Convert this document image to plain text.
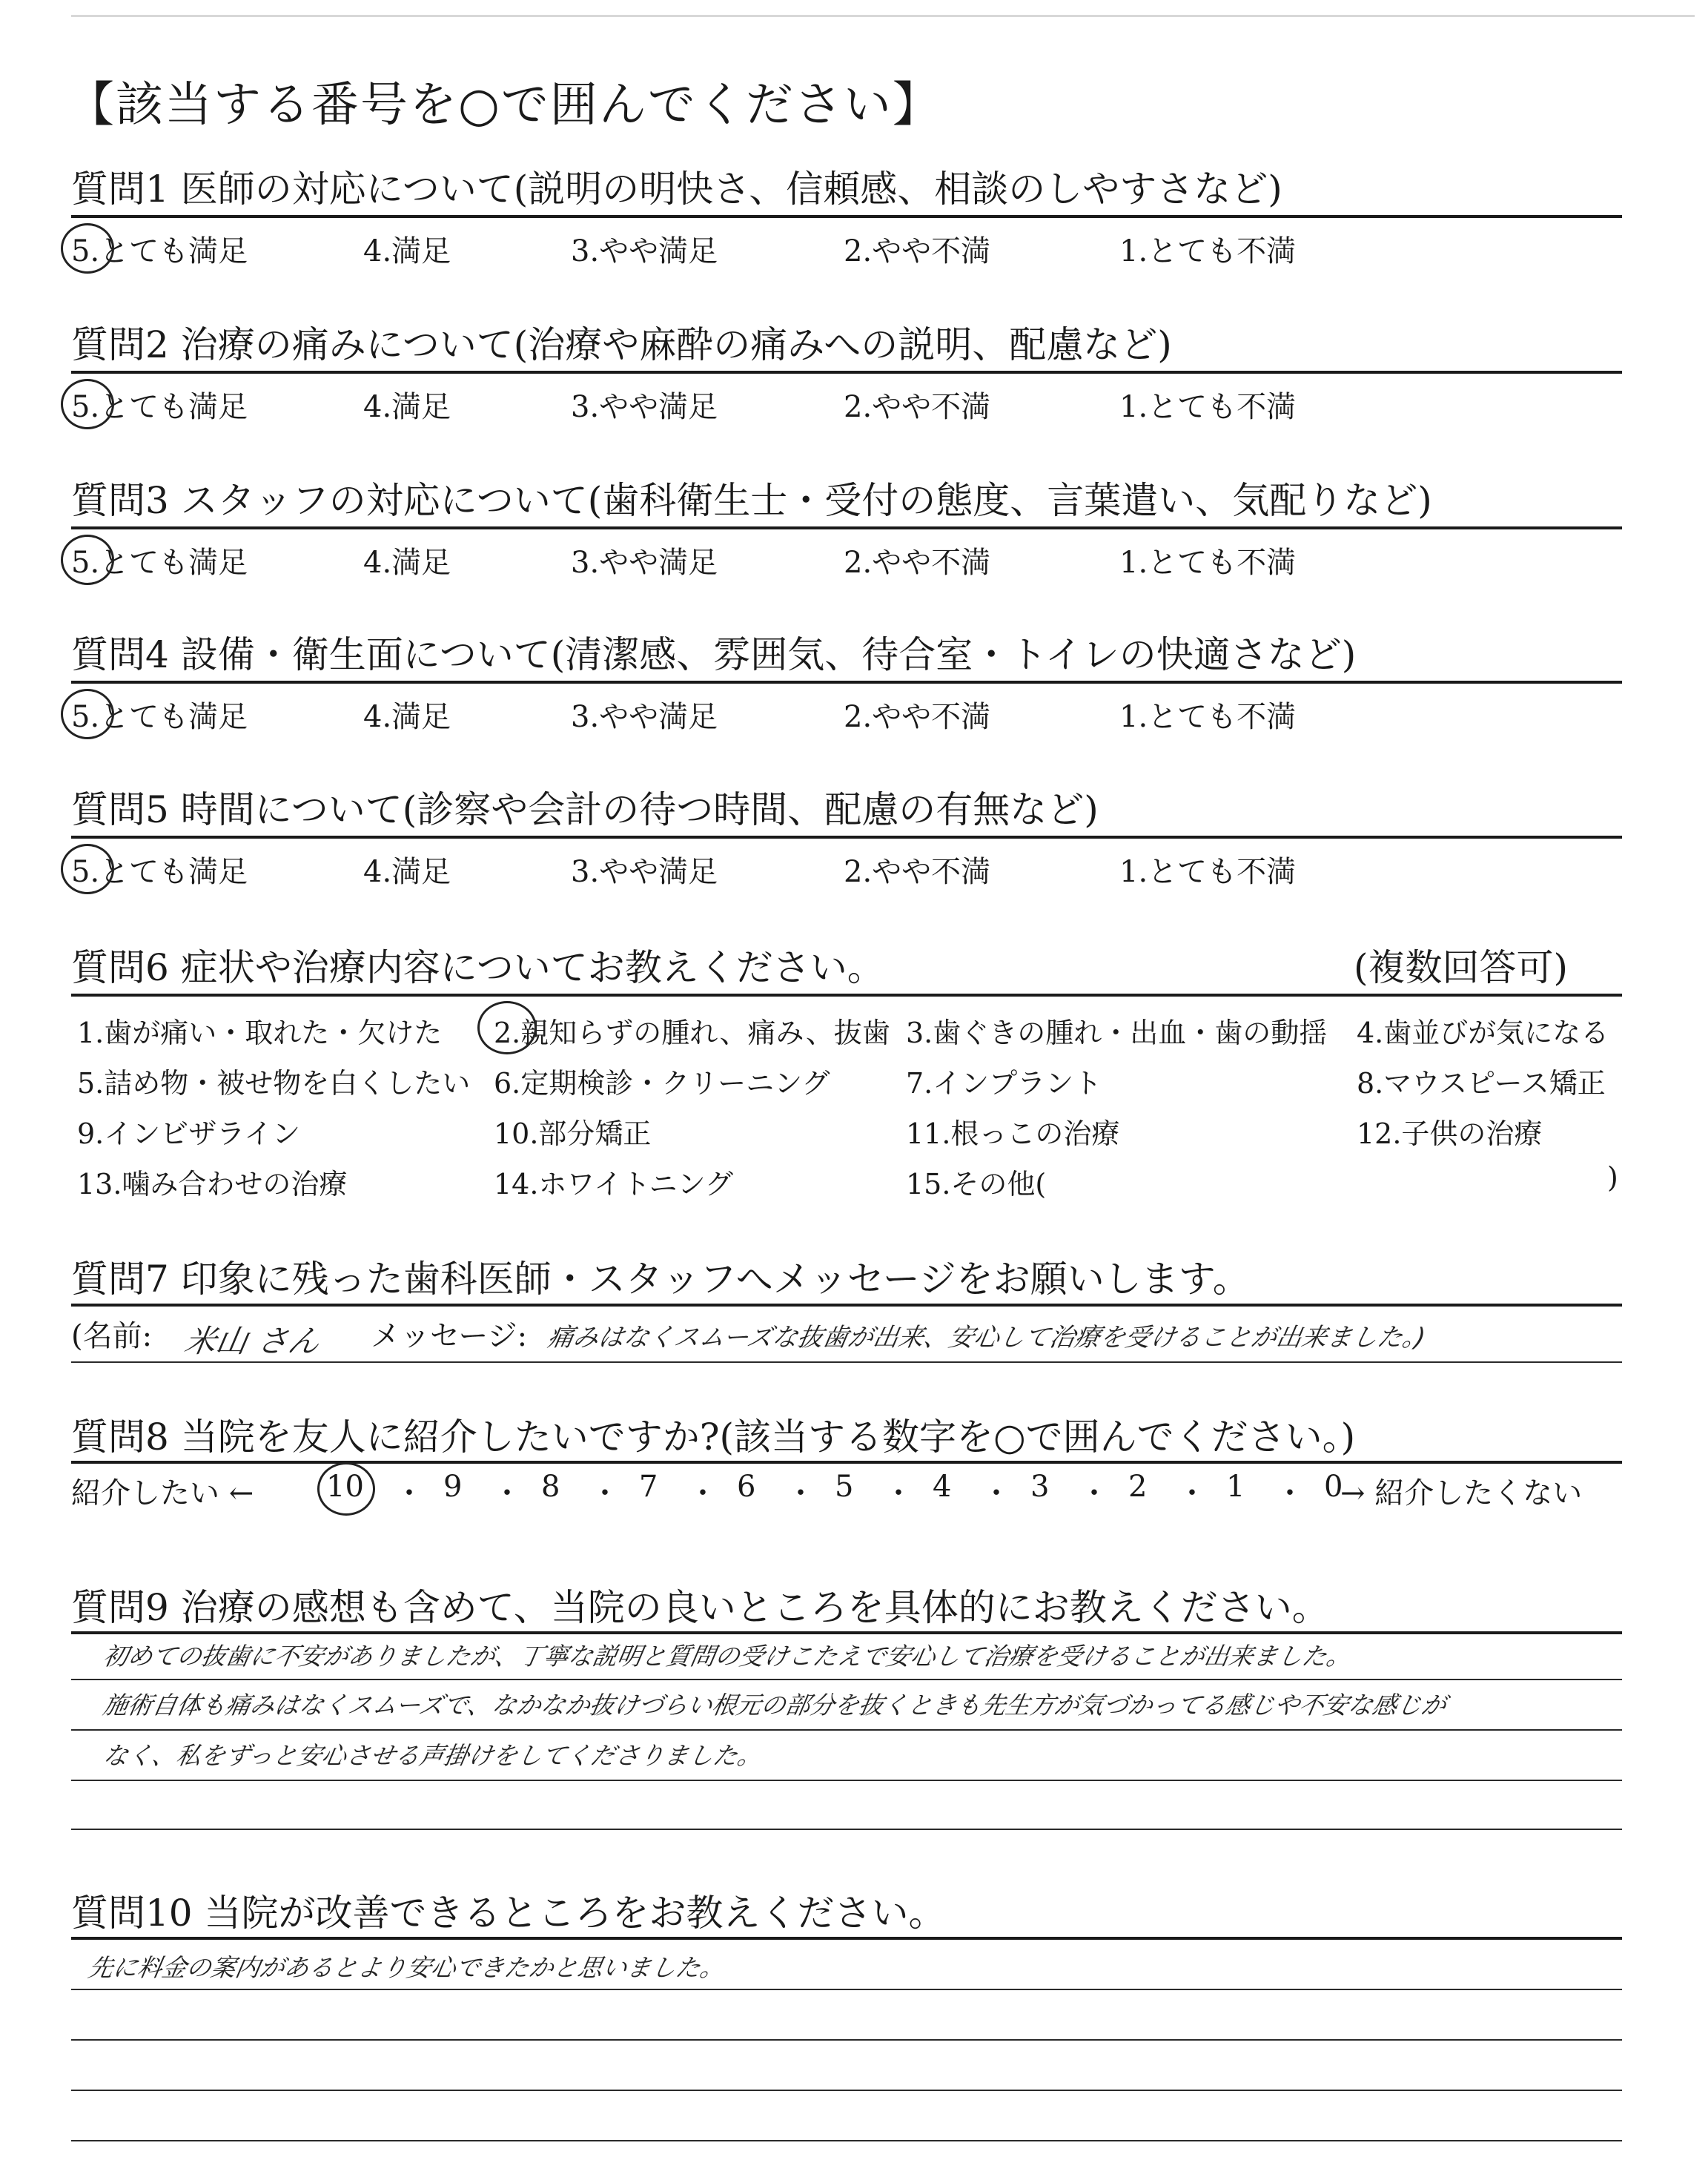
【該当する番号を○で囲んでください】
質問1 医師の対応について(説明の明快さ、信頼感、相談のしやすさなど)
5.とても満足	4.満足	3.やや満足	2.やや不満	1.とても不満
質問2 治療の痛みについて(治療や麻酔の痛みへの説明、配慮など)
5.とても満足	4.満足	3.やや満足	2.やや不満	1.とても不満
質問3 スタッフの対応について(歯科衛生士・受付の態度、言葉遣い、気配りなど)
5.とても満足	4.満足	3.やや満足	2.やや不満	1.とても不満
質問4 設備・衛生面について(清潔感、雰囲気、待合室・トイレの快適さなど)
5.とても満足	4.満足	3.やや満足	2.やや不満	1.とても不満
質問5 時間について(診察や会計の待つ時間、配慮の有無など)
5.とても満足	4.満足	3.やや満足	2.やや不満	1.とても不満
質問6 症状や治療内容についてお教えください。	(複数回答可)
1.歯が痛い・取れた・欠けた 2.親知らずの腫れ、痛み、抜歯 3.歯ぐきの腫れ・出血・歯の動揺 4.歯並びが気になる
5.詰め物・被せ物を白くしたい 6.定期検診・クリーニング	7.インプラント	8.マウスピース矯正
9.インビザライン	10.部分矯正	11.根っこの治療	12.子供の治療
13.噛み合わせの治療	14.ホワイトニング	15.その他(	)
質問7 印象に残った歯科医師・スタッフへメッセージをお願いします。
(名前: 米山 さん メッセージ: 痛みはなくスムーズな抜歯が出来、安心して治療を受けることが出来ました。)
質問8 当院を友人に紹介したいですか?(該当する数字を○で囲んでください。)
紹介したい ← 10 ・ 9 ・ 8 ・ 7 ・ 6 ・ 5 ・ 4 ・ 3 ・ 2 ・ 1 ・ 0
→ 紹介したくない
質問9 治療の感想も含めて、当院の良いところを具体的にお教えください。
初めての抜歯に不安がありましたが、丁寧な説明と質問の受けこたえで安心して治療を受けることが出来ました。
施術自体も痛みはなくスムーズで、なかなか抜けづらい根元の部分を抜くときも先生方が気づかってる感じや不安な感じが
なく、私をずっと安心させる声掛けをしてくださりました。
質問10 当院が改善できるところをお教えください。
先に料金の案内があるとより安心できたかと思いました。
